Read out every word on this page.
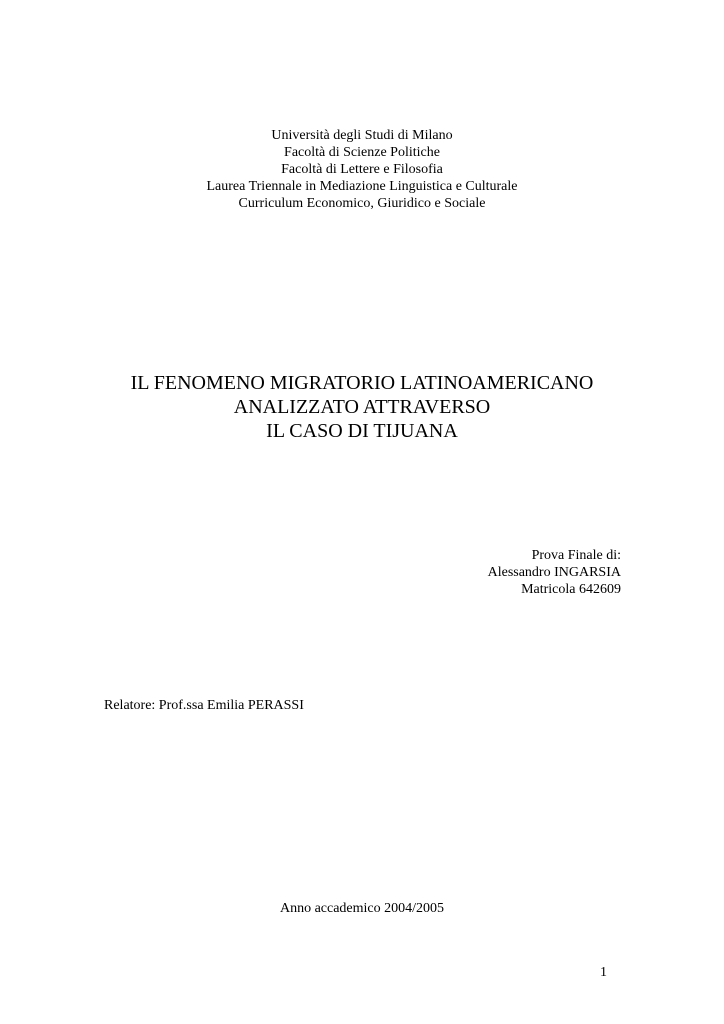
Università degli Studi di Milano
Facoltà di Scienze Politiche
Facoltà di Lettere e Filosofia
Laurea Triennale in Mediazione Linguistica e Culturale
Curriculum Economico, Giuridico e Sociale
IL FENOMENO MIGRATORIO LATINOAMERICANO
ANALIZZATO ATTRAVERSO
IL CASO DI TIJUANA
Prova Finale di:
Alessandro INGARSIA
Matricola 642609
Relatore: Prof.ssa Emilia PERASSI
Anno accademico 2004/2005
1
